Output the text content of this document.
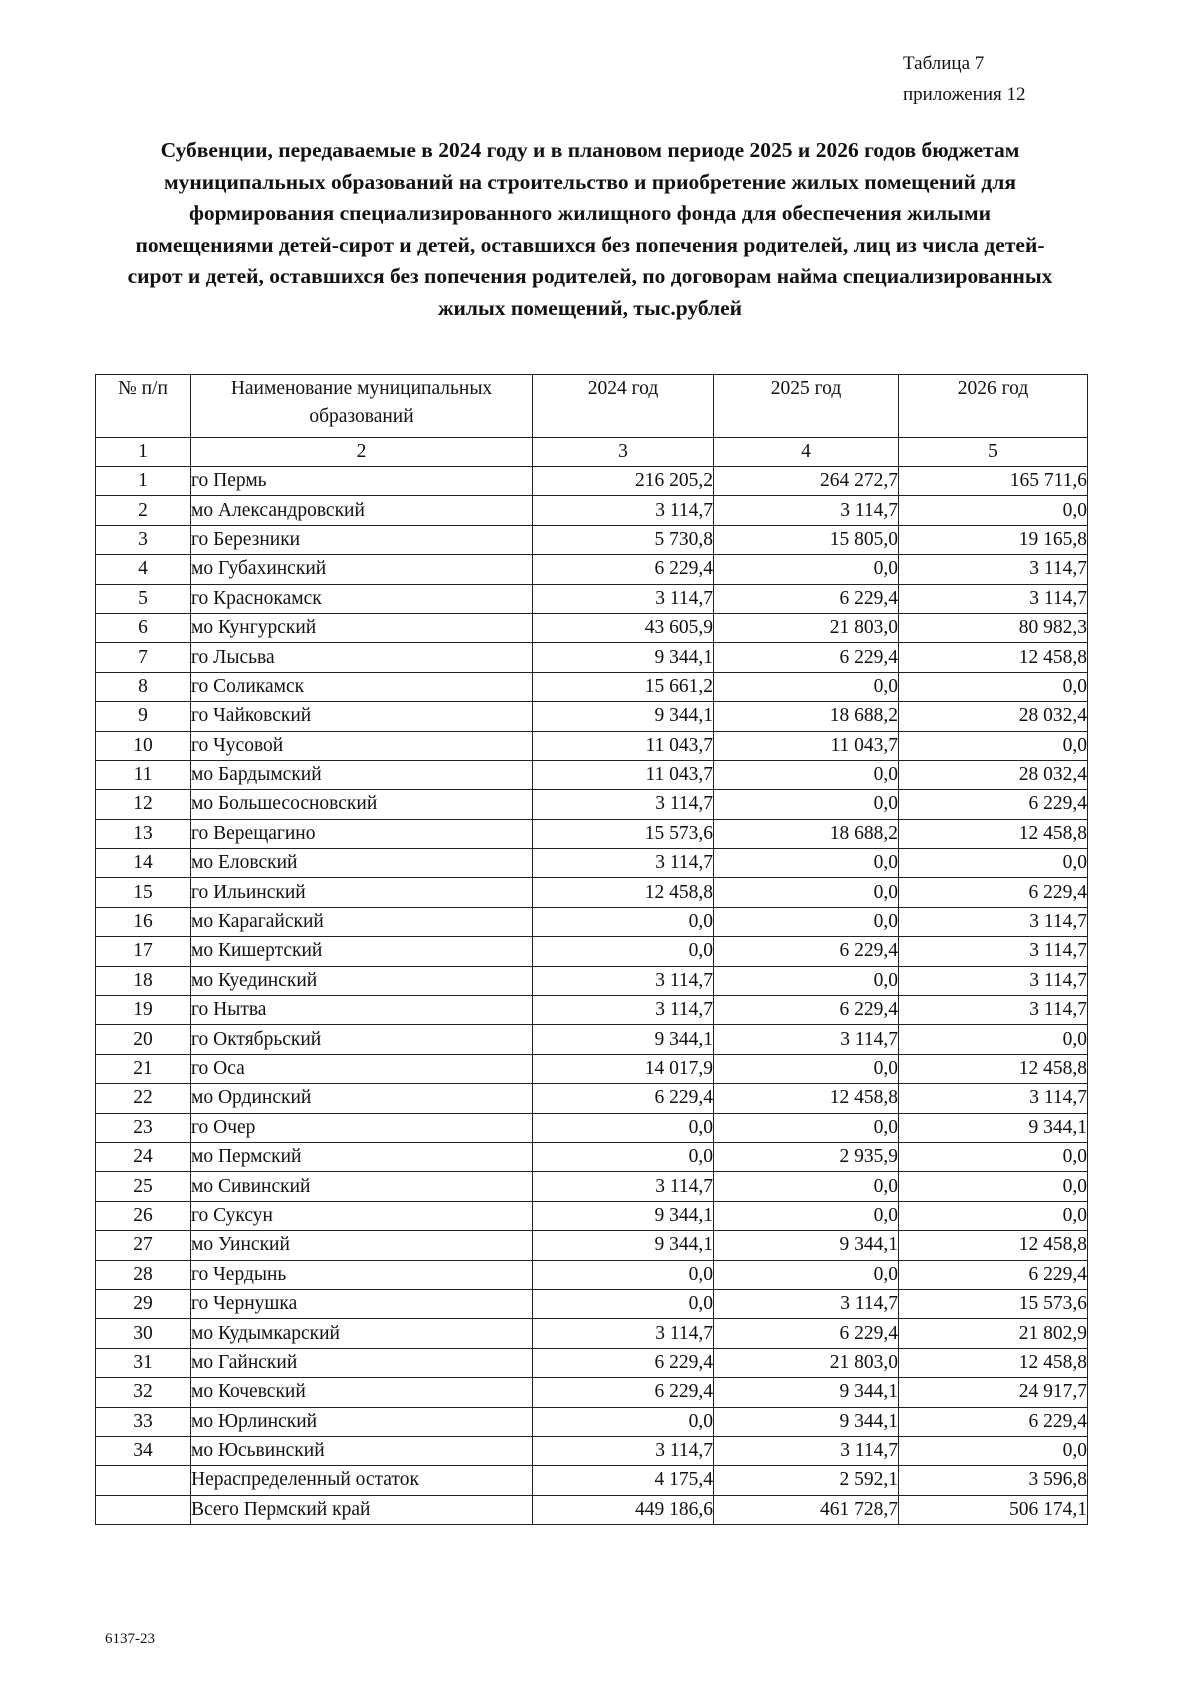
Таблица 7
приложения 12
Субвенции, передаваемые в 2024 году и в плановом периоде 2025 и 2026 годов бюджетам муниципальных образований на строительство и приобретение жилых помещений для формирования специализированного жилищного фонда для обеспечения жилыми помещениями детей-сирот и детей, оставшихся без попечения родителей, лиц из числа детей-сирот и детей, оставшихся без попечения родителей, по договорам найма специализированных жилых помещений, тыс.рублей
№ п/п	Наименование муниципальных образований	2024 год	2025 год	2026 год
1	2	3	4	5
1	го Пермь	216 205,2	264 272,7	165 711,6
2	мо Александровский	3 114,7	3 114,7	0,0
3	го Березники	5 730,8	15 805,0	19 165,8
4	мо Губахинский	6 229,4	0,0	3 114,7
5	го Краснокамск	3 114,7	6 229,4	3 114,7
6	мо Кунгурский	43 605,9	21 803,0	80 982,3
7	го Лысьва	9 344,1	6 229,4	12 458,8
8	го Соликамск	15 661,2	0,0	0,0
9	го Чайковский	9 344,1	18 688,2	28 032,4
10	го Чусовой	11 043,7	11 043,7	0,0
11	мо Бардымский	11 043,7	0,0	28 032,4
12	мо Большесосновский	3 114,7	0,0	6 229,4
13	го Верещагино	15 573,6	18 688,2	12 458,8
14	мо Еловский	3 114,7	0,0	0,0
15	го Ильинский	12 458,8	0,0	6 229,4
16	мо Карагайский	0,0	0,0	3 114,7
17	мо Кишертский	0,0	6 229,4	3 114,7
18	мо Куединский	3 114,7	0,0	3 114,7
19	го Нытва	3 114,7	6 229,4	3 114,7
20	го Октябрьский	9 344,1	3 114,7	0,0
21	го Оса	14 017,9	0,0	12 458,8
22	мо Ординский	6 229,4	12 458,8	3 114,7
23	го Очер	0,0	0,0	9 344,1
24	мо Пермский	0,0	2 935,9	0,0
25	мо Сивинский	3 114,7	0,0	0,0
26	го Суксун	9 344,1	0,0	0,0
27	мо Уинский	9 344,1	9 344,1	12 458,8
28	го Чердынь	0,0	0,0	6 229,4
29	го Чернушка	0,0	3 114,7	15 573,6
30	мо Кудымкарский	3 114,7	6 229,4	21 802,9
31	мо Гайнский	6 229,4	21 803,0	12 458,8
32	мо Кочевский	6 229,4	9 344,1	24 917,7
33	мо Юрлинский	0,0	9 344,1	6 229,4
34	мо Юсьвинский	3 114,7	3 114,7	0,0
	Нераспределенный остаток	4 175,4	2 592,1	3 596,8
	Всего Пермский край	449 186,6	461 728,7	506 174,1
6137-23
